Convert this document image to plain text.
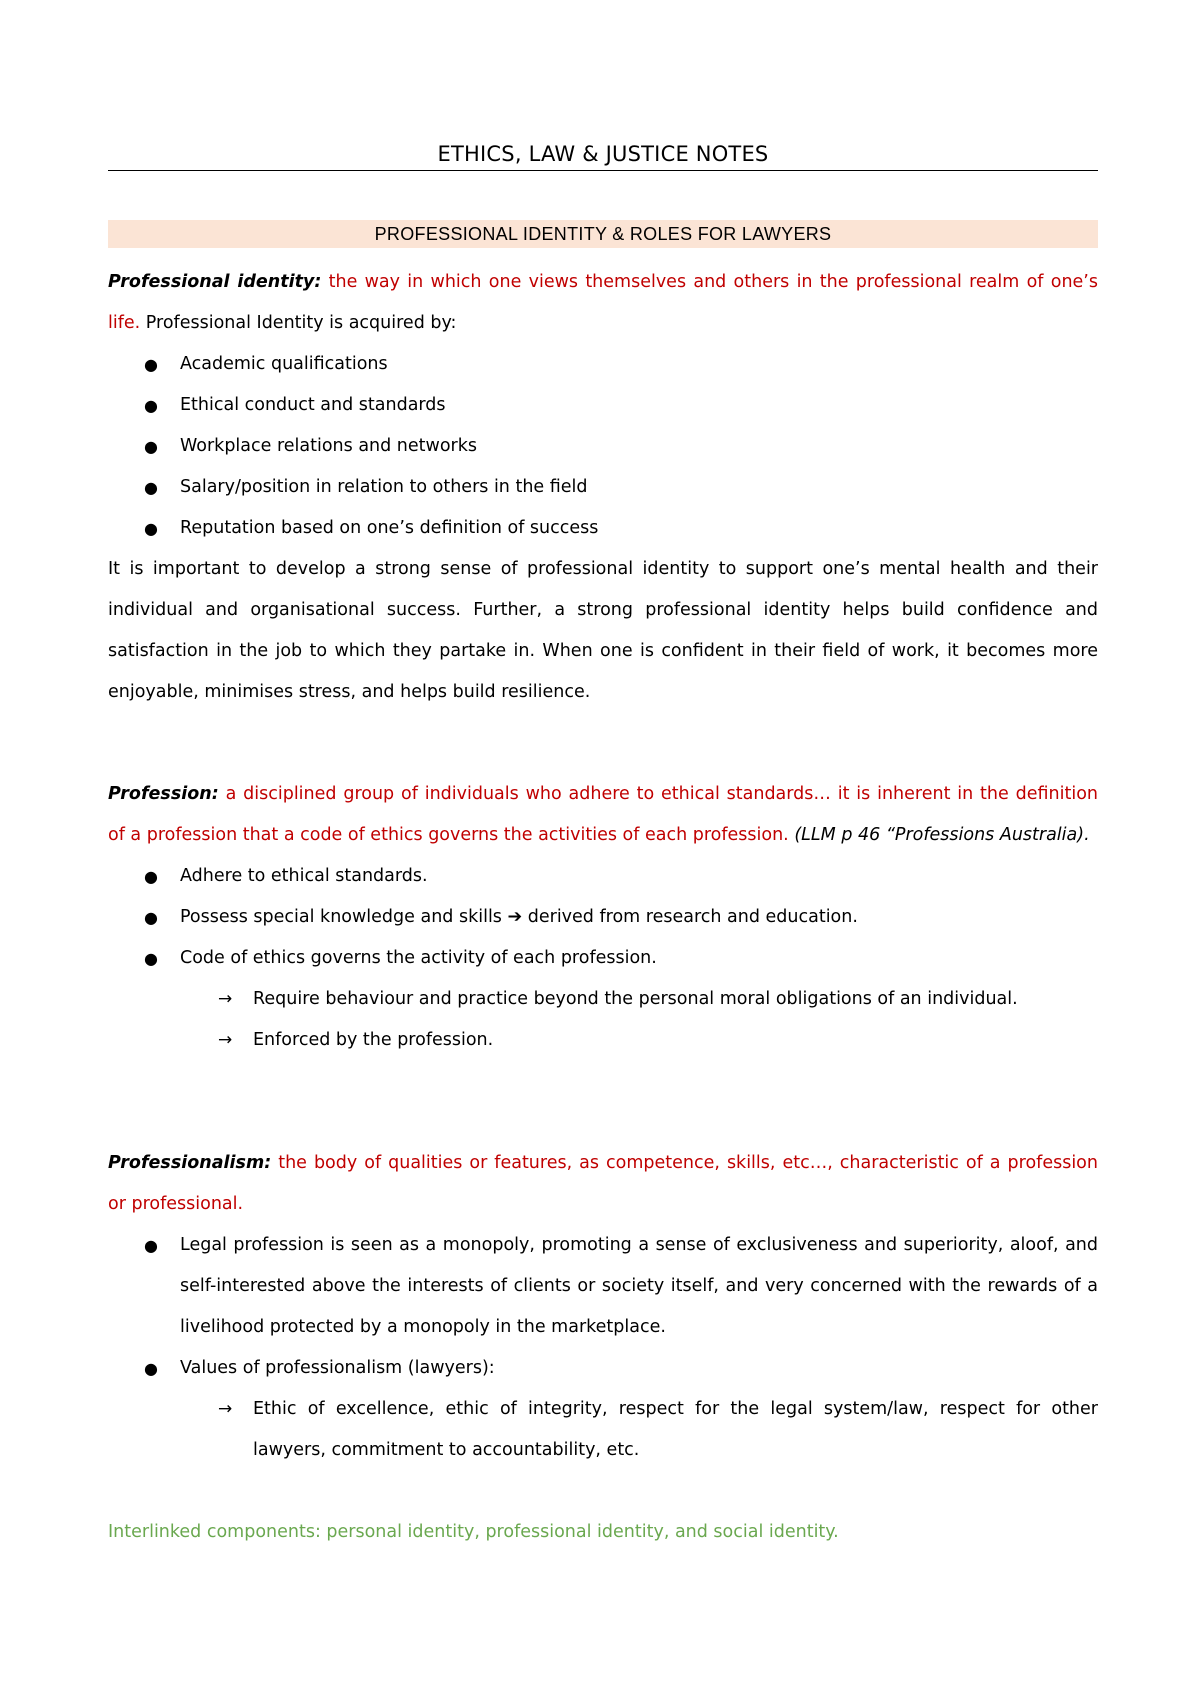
ETHICS, LAW & JUSTICE NOTES
PROFESSIONAL IDENTITY & ROLES FOR LAWYERS

Professional identity: the way in which one views themselves and others in the professional realm of one’s life. Professional Identity is acquired by:

● Academic qualifications
● Ethical conduct and standards
● Workplace relations and networks
● Salary/position in relation to others in the field
● Reputation based on one’s definition of success

It is important to develop a strong sense of professional identity to support one’s mental health and their individual and organisational success. Further, a strong professional identity helps build confidence and satisfaction in the job to which they partake in. When one is confident in their field of work, it becomes more enjoyable, minimises stress, and helps build resilience.

Profession: a disciplined group of individuals who adhere to ethical standards… it is inherent in the definition of a profession that a code of ethics governs the activities of each profession. (LLM p 46 “Professions Australia).

● Adhere to ethical standards.
● Possess special knowledge and skills ➔ derived from research and education.
● Code of ethics governs the activity of each profession.
→ Require behaviour and practice beyond the personal moral obligations of an individual.
→ Enforced by the profession.

Professionalism: the body of qualities or features, as competence, skills, etc…, characteristic of a profession or professional.

● Legal profession is seen as a monopoly, promoting a sense of exclusiveness and superiority, aloof, and self-interested above the interests of clients or society itself, and very concerned with the rewards of a livelihood protected by a monopoly in the marketplace.
● Values of professionalism (lawyers):
→ Ethic of excellence, ethic of integrity, respect for the legal system/law, respect for other lawyers, commitment to accountability, etc.

Interlinked components: personal identity, professional identity, and social identity.
